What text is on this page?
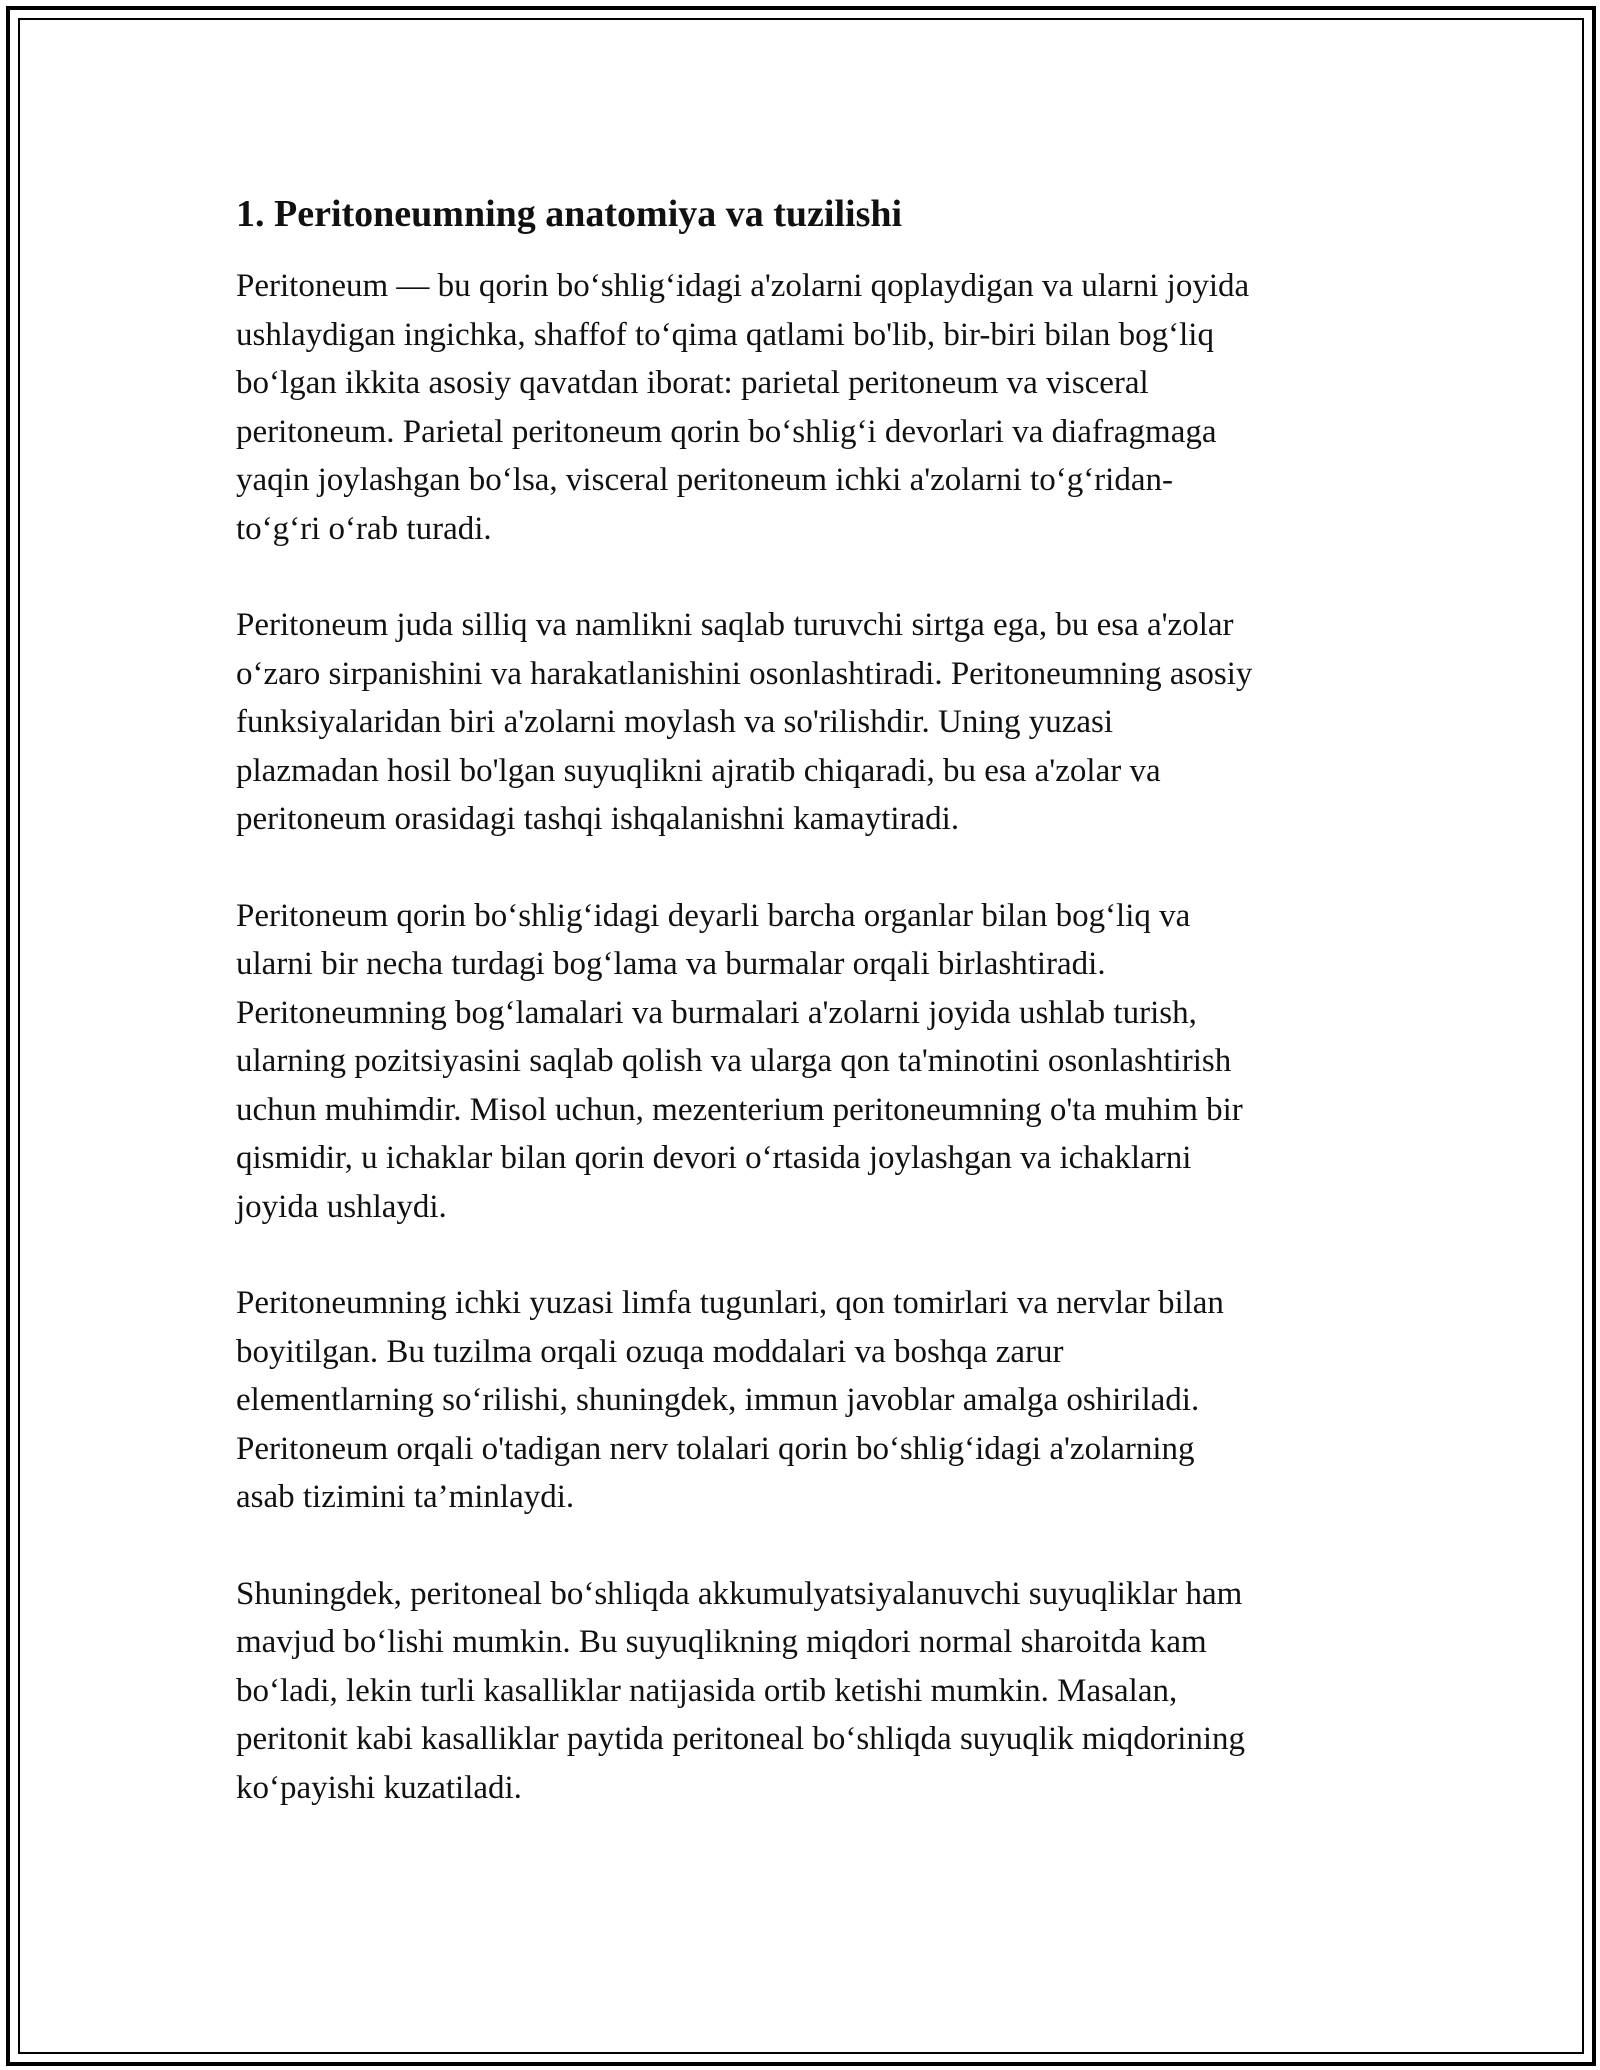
1. Peritoneumning anatomiya va tuzilishi

Peritoneum — bu qorin bo‘shlig‘idagi a'zolarni qoplaydigan va ularni joyida
ushlaydigan ingichka, shaffof to‘qima qatlami bo'lib, bir-biri bilan bog‘liq
bo‘lgan ikkita asosiy qavatdan iborat: parietal peritoneum va visceral
peritoneum. Parietal peritoneum qorin bo‘shlig‘i devorlari va diafragmaga
yaqin joylashgan bo‘lsa, visceral peritoneum ichki a'zolarni to‘g‘ridan-
to‘g‘ri o‘rab turadi.

Peritoneum juda silliq va namlikni saqlab turuvchi sirtga ega, bu esa a'zolar
o‘zaro sirpanishini va harakatlanishini osonlashtiradi. Peritoneumning asosiy
funksiyalaridan biri a'zolarni moylash va so'rilishdir. Uning yuzasi
plazmadan hosil bo'lgan suyuqlikni ajratib chiqaradi, bu esa a'zolar va
peritoneum orasidagi tashqi ishqalanishni kamaytiradi.

Peritoneum qorin bo‘shlig‘idagi deyarli barcha organlar bilan bog‘liq va
ularni bir necha turdagi bog‘lama va burmalar orqali birlashtiradi.
Peritoneumning bog‘lamalari va burmalari a'zolarni joyida ushlab turish,
ularning pozitsiyasini saqlab qolish va ularga qon ta'minotini osonlashtirish
uchun muhimdir. Misol uchun, mezenterium peritoneumning o'ta muhim bir
qismidir, u ichaklar bilan qorin devori o‘rtasida joylashgan va ichaklarni
joyida ushlaydi.

Peritoneumning ichki yuzasi limfa tugunlari, qon tomirlari va nervlar bilan
boyitilgan. Bu tuzilma orqali ozuqa moddalari va boshqa zarur
elementlarning so‘rilishi, shuningdek, immun javoblar amalga oshiriladi.
Peritoneum orqali o'tadigan nerv tolalari qorin bo‘shlig‘idagi a'zolarning
asab tizimini ta’minlaydi.

Shuningdek, peritoneal bo‘shliqda akkumulyatsiyalanuvchi suyuqliklar ham
mavjud bo‘lishi mumkin. Bu suyuqlikning miqdori normal sharoitda kam
bo‘ladi, lekin turli kasalliklar natijasida ortib ketishi mumkin. Masalan,
peritonit kabi kasalliklar paytida peritoneal bo‘shliqda suyuqlik miqdorining
ko‘payishi kuzatiladi.
